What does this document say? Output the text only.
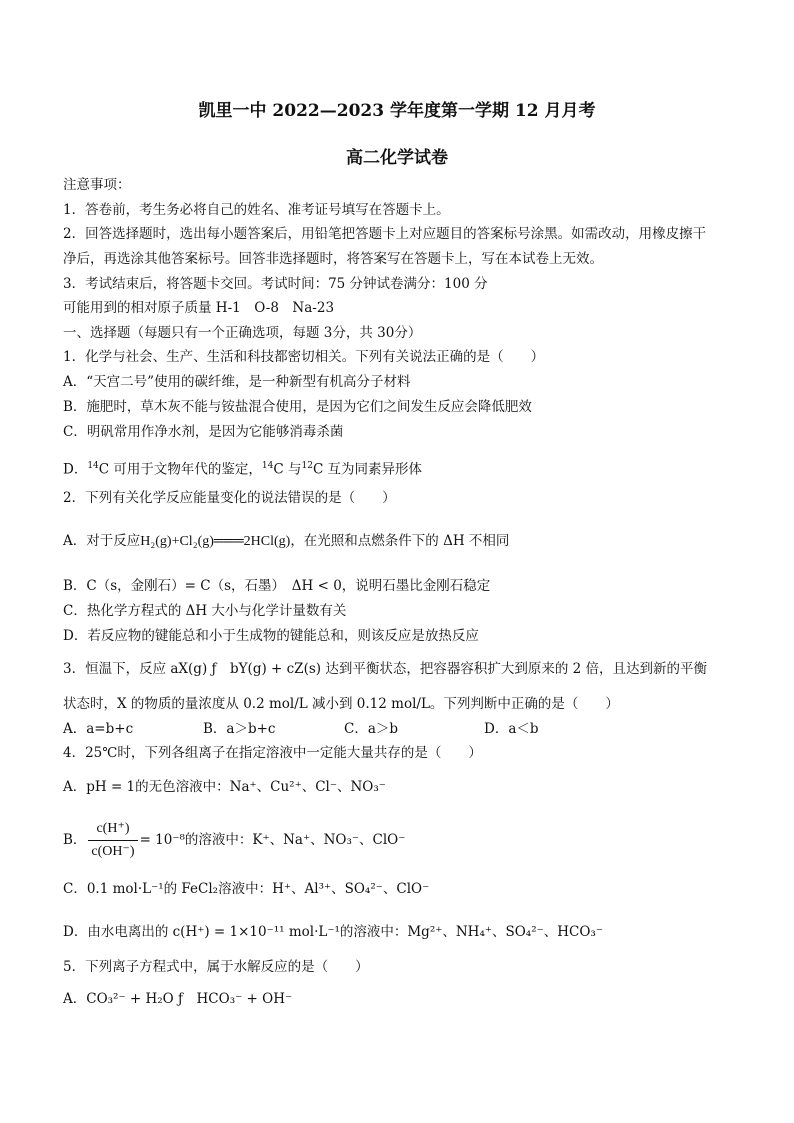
凯里一中 2022—2023 学年度第一学期 12 月月考
高二化学试卷
注意事项：
1．答卷前，考生务必将自己的姓名、准考证号填写在答题卡上。
2．回答选择题时，选出每小题答案后，用铅笔把答题卡上对应题目的答案标号涂黑。如需改动，用橡皮擦干
净后，再选涂其他答案标号。回答非选择题时，将答案写在答题卡上，写在本试卷上无效。
3．考试结束后，将答题卡交回。考试时间：75 分钟试卷满分：100 分
可能用到的相对原子质量 H-1　O-8　Na-23
一、选择题（每题只有一个正确选项，每题 3分，共 30分）
1．化学与社会、生产、生活和科技都密切相关。下列有关说法正确的是（　　）
A．“天宫二号”使用的碳纤维，是一种新型有机高分子材料
B．施肥时，草木灰不能与铵盐混合使用，是因为它们之间发生反应会降低肥效
C．明矾常用作净水剂，是因为它能够消毒杀菌
D．$^{14}$C 可用于文物年代的鉴定，$^{14}$C 与$^{12}$C 互为同素异形体
2．下列有关化学反应能量变化的说法错误的是（　　）
A．对于反应H₂(g)+Cl₂(g)═══2HCl(g)，在光照和点燃条件下的 ΔH 不相同
B．C（s，金刚石）= C（s，石墨）　ΔH < 0，说明石墨比金刚石稳定
C．热化学方程式的 ΔH 大小与化学计量数有关
D．若反应物的键能总和小于生成物的键能总和，则该反应是放热反应
3．恒温下，反应 aX(g) ƒ　bY(g) + cZ(s) 达到平衡状态，把容器容积扩大到原来的 2 倍，且达到新的平衡
状态时，X 的物质的量浓度从 0.2 mol/L 减小到 0.12 mol/L。下列判断中正确的是（　　）
A．a=b+c	B．a＞b+c	C．a＞b	D．a＜b
4．25℃时，下列各组离子在指定溶液中一定能大量共存的是（　　）
A．pH = 1的无色溶液中：Na⁺、Cu²⁺、Cl⁻、NO₃⁻
B． $\frac{c(H^+)}{c(OH^-)} = 10^{-8}$的溶液中：K⁺、Na⁺、NO₃⁻、ClO⁻
C．0.1 mol·L⁻¹的 FeCl₂溶液中：H⁺、Al³⁺、SO₄²⁻、ClO⁻
D．由水电离出的 c(H⁺) = 1×10⁻¹¹ mol·L⁻¹的溶液中：Mg²⁺、NH₄⁺、SO₄²⁻、HCO₃⁻
5．下列离子方程式中，属于水解反应的是（　　）
A．CO₃²⁻ + H₂O ƒ　HCO₃⁻ + OH⁻
